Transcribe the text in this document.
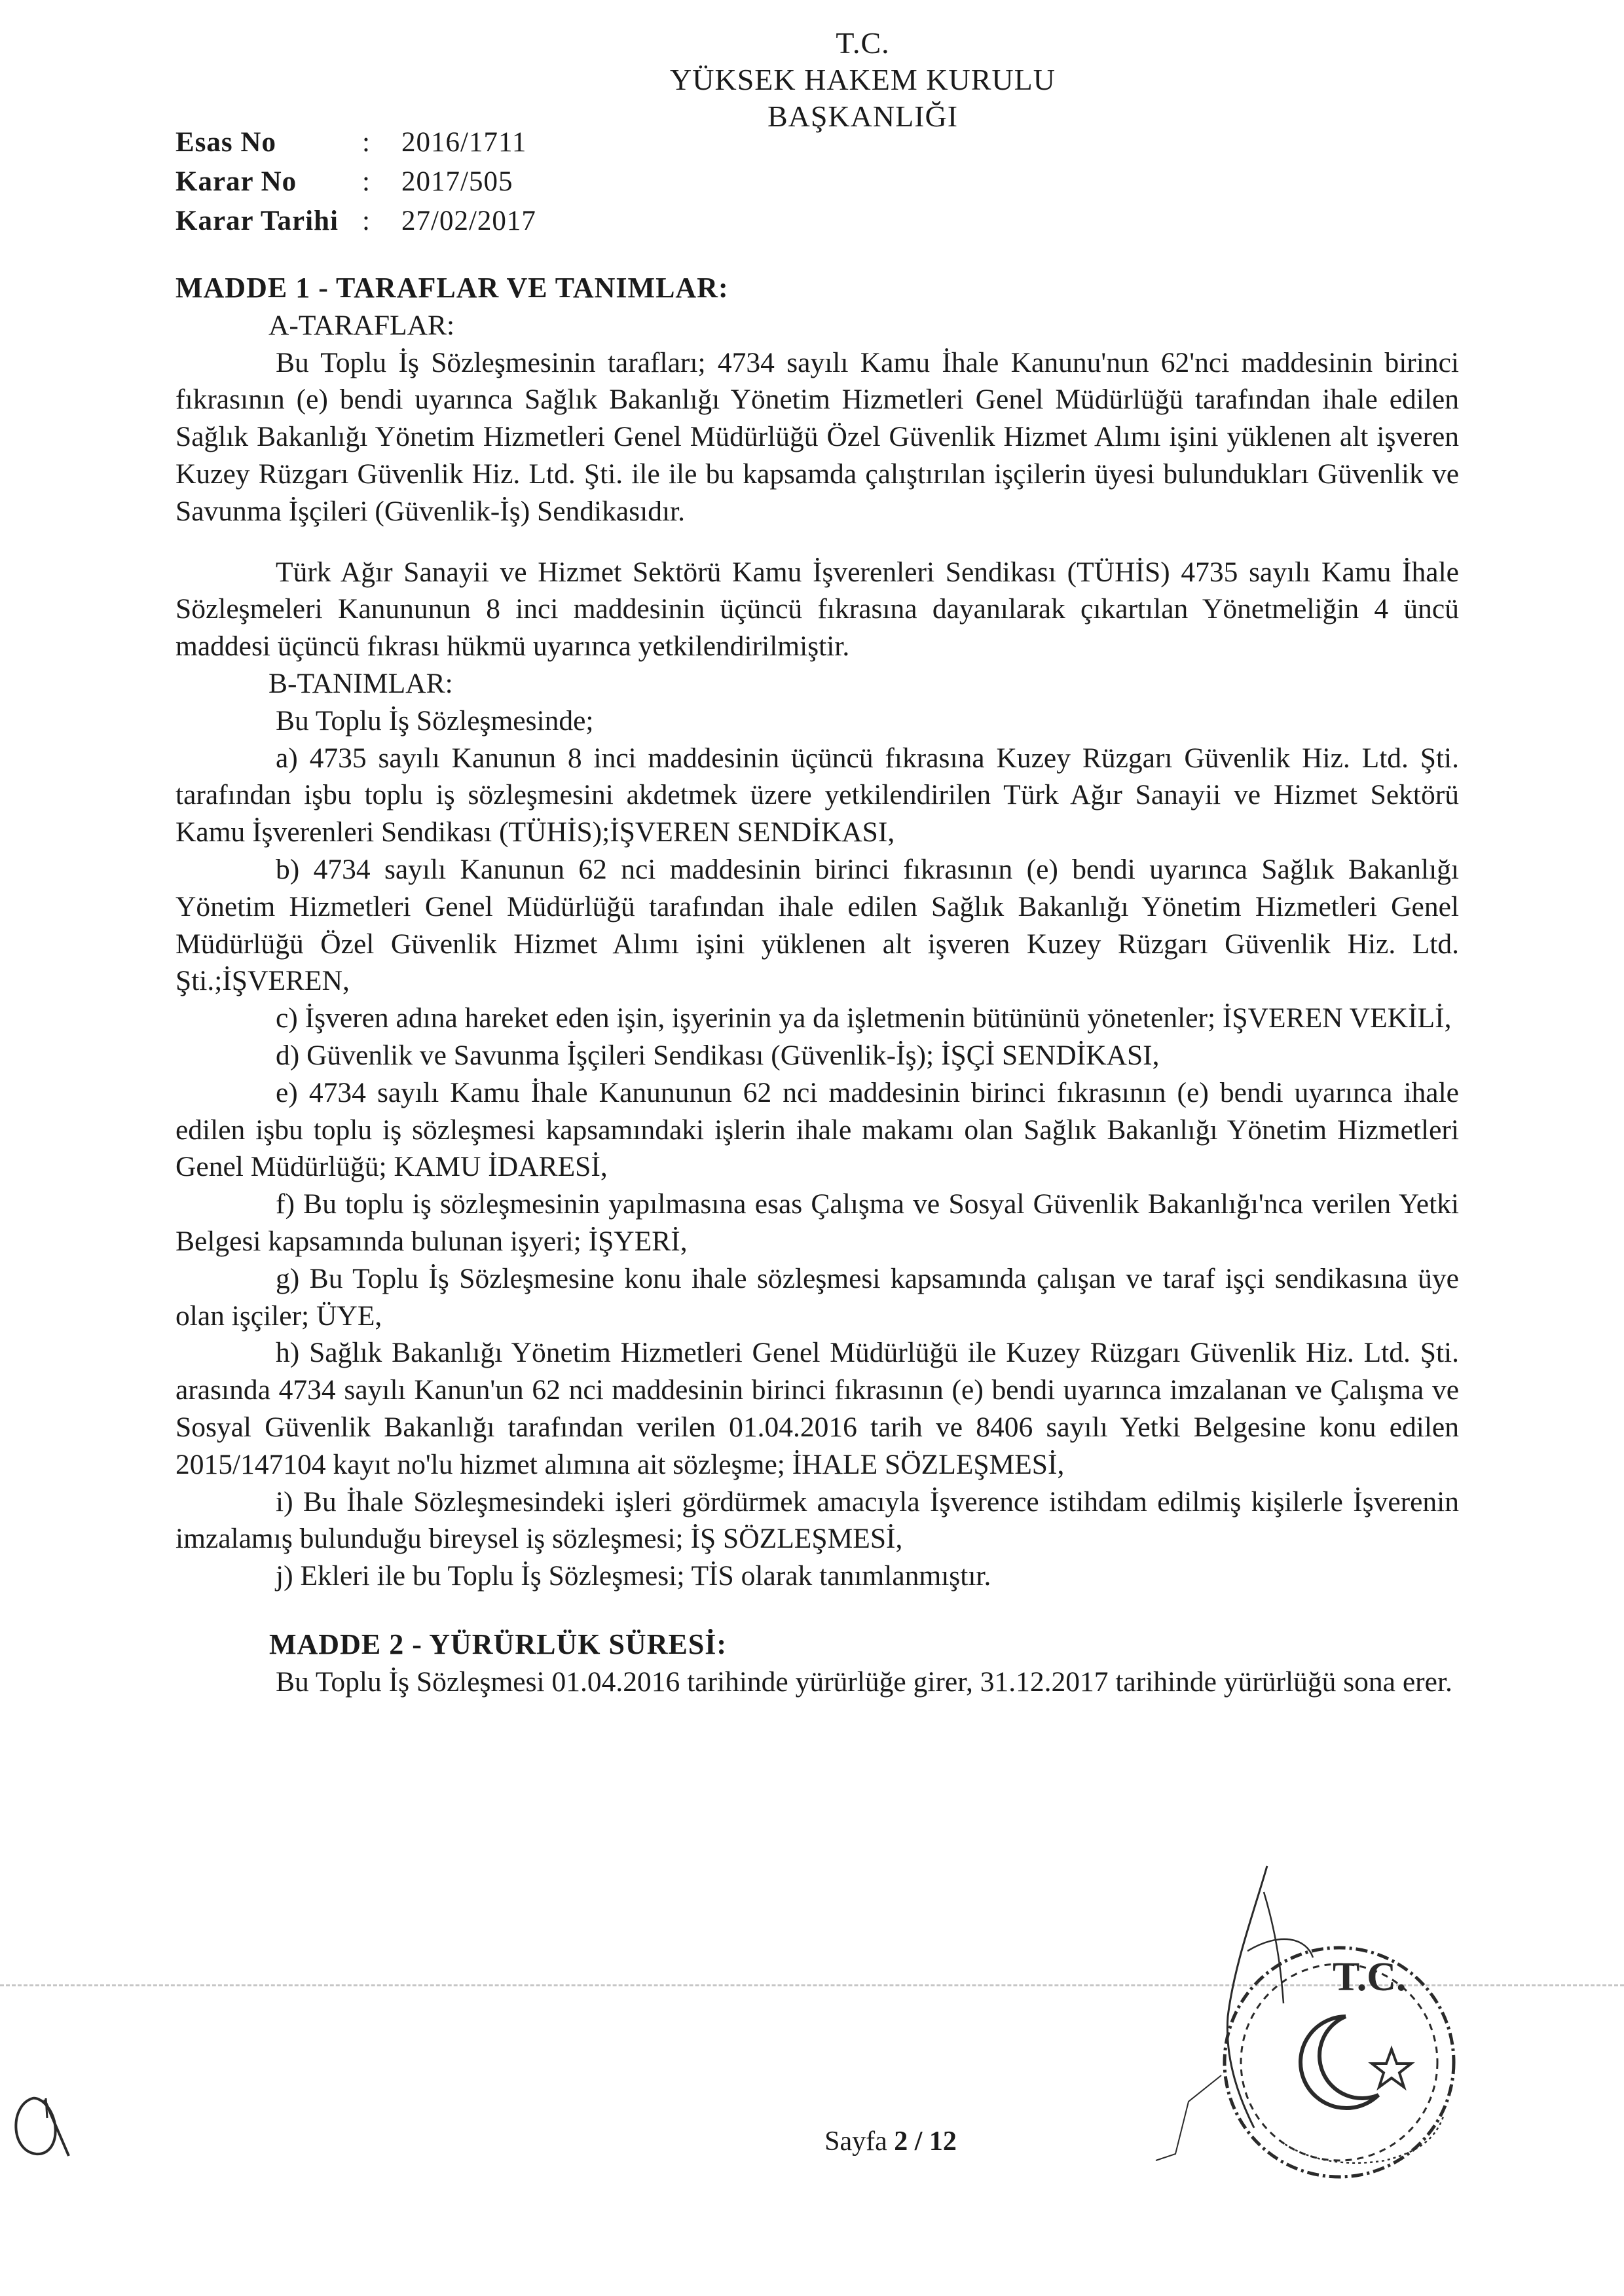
T.C.
YÜKSEK HAKEM KURULU
BAŞKANLIĞI
Esas No	:	2016/1711
Karar No	:	2017/505
Karar Tarihi :	27/02/2017

MADDE 1 - TARAFLAR VE TANIMLAR:

A-TARAFLAR:

Bu Toplu İş Sözleşmesinin tarafları; 4734 sayılı Kamu İhale Kanunu'nun 62'nci maddesinin birinci fıkrasının (e) bendi uyarınca Sağlık Bakanlığı Yönetim Hizmetleri Genel Müdürlüğü tarafından ihale edilen Sağlık Bakanlığı Yönetim Hizmetleri Genel Müdürlüğü Özel Güvenlik Hizmet Alımı işini yüklenen alt işveren Kuzey Rüzgarı Güvenlik Hiz. Ltd. Şti. ile ile bu kapsamda çalıştırılan işçilerin üyesi bulundukları Güvenlik ve Savunma İşçileri (Güvenlik-İş) Sendikasıdır.

Türk Ağır Sanayii ve Hizmet Sektörü Kamu İşverenleri Sendikası (TÜHİS) 4735 sayılı Kamu İhale Sözleşmeleri Kanununun 8 inci maddesinin üçüncü fıkrasına dayanılarak çıkartılan Yönetmeliğin 4 üncü maddesi üçüncü fıkrası hükmü uyarınca yetkilendirilmiştir.

B-TANIMLAR:

Bu Toplu İş Sözleşmesinde;

a) 4735 sayılı Kanunun 8 inci maddesinin üçüncü fıkrasına Kuzey Rüzgarı Güvenlik Hiz. Ltd. Şti. tarafından işbu toplu iş sözleşmesini akdetmek üzere yetkilendirilen Türk Ağır Sanayii ve Hizmet Sektörü Kamu İşverenleri Sendikası (TÜHİS);İŞVEREN SENDİKASI,

b) 4734 sayılı Kanunun 62 nci maddesinin birinci fıkrasının (e) bendi uyarınca Sağlık Bakanlığı Yönetim Hizmetleri Genel Müdürlüğü tarafından ihale edilen Sağlık Bakanlığı Yönetim Hizmetleri Genel Müdürlüğü Özel Güvenlik Hizmet Alımı işini yüklenen alt işveren Kuzey Rüzgarı Güvenlik Hiz. Ltd. Şti.;İŞVEREN,

c) İşveren adına hareket eden işin, işyerinin ya da işletmenin bütününü yönetenler; İŞVEREN VEKİLİ,

d) Güvenlik ve Savunma İşçileri Sendikası (Güvenlik-İş); İŞÇİ SENDİKASI,

e) 4734 sayılı Kamu İhale Kanununun 62 nci maddesinin birinci fıkrasının (e) bendi uyarınca ihale edilen işbu toplu iş sözleşmesi kapsamındaki işlerin ihale makamı olan Sağlık Bakanlığı Yönetim Hizmetleri Genel Müdürlüğü; KAMU İDARESİ,

f) Bu toplu iş sözleşmesinin yapılmasına esas Çalışma ve Sosyal Güvenlik Bakanlığı'nca verilen Yetki Belgesi kapsamında bulunan işyeri; İŞYERİ,

g) Bu Toplu İş Sözleşmesine konu ihale sözleşmesi kapsamında çalışan ve taraf işçi sendikasına üye olan işçiler; ÜYE,

h) Sağlık Bakanlığı Yönetim Hizmetleri Genel Müdürlüğü ile Kuzey Rüzgarı Güvenlik Hiz. Ltd. Şti. arasında 4734 sayılı Kanun'un 62 nci maddesinin birinci fıkrasının (e) bendi uyarınca imzalanan ve Çalışma ve Sosyal Güvenlik Bakanlığı tarafından verilen 01.04.2016 tarih ve 8406 sayılı Yetki Belgesine konu edilen 2015/147104 kayıt no'lu hizmet alımına ait sözleşme; İHALE SÖZLEŞMESİ,

i) Bu İhale Sözleşmesindeki işleri gördürmek amacıyla İşverence istihdam edilmiş kişilerle İşverenin imzalamış bulunduğu bireysel iş sözleşmesi; İŞ SÖZLEŞMESİ,

j) Ekleri ile bu Toplu İş Sözleşmesi; TİS olarak tanımlanmıştır.

MADDE 2 - YÜRÜRLÜK SÜRESİ:

Bu Toplu İş Sözleşmesi 01.04.2016 tarihinde yürürlüğe girer, 31.12.2017 tarihinde yürürlüğü sona erer.

T.C.
Sayfa 2 / 12
